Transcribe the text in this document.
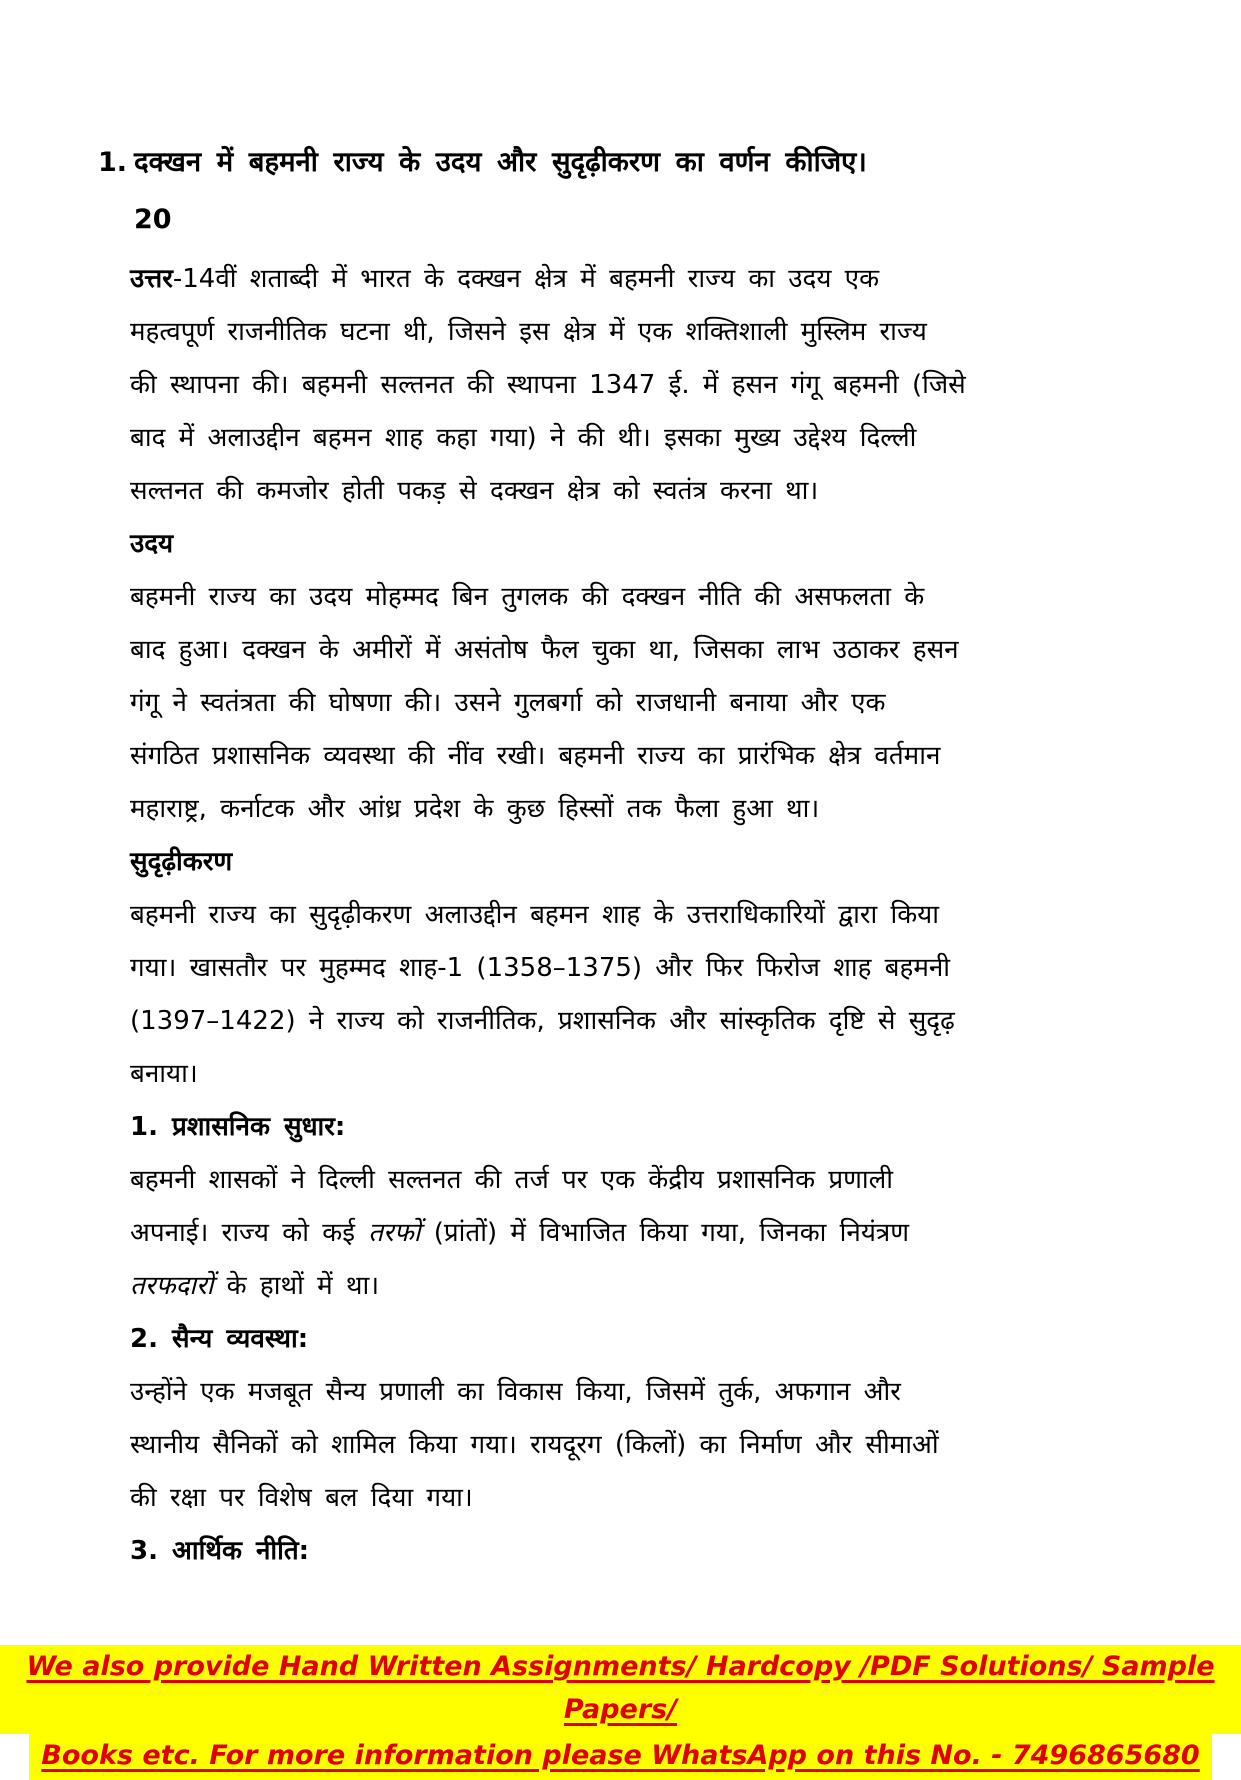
1. दक्खन में बहमनी राज्य के उदय और सुदृढ़ीकरण का वर्णन कीजिए।
20
उत्तर-14वीं शताब्दी में भारत के दक्खन क्षेत्र में बहमनी राज्य का उदय एक
महत्वपूर्ण राजनीतिक घटना थी, जिसने इस क्षेत्र में एक शक्तिशाली मुस्लिम राज्य
की स्थापना की। बहमनी सल्तनत की स्थापना 1347 ई. में हसन गंगू बहमनी (जिसे
बाद में अलाउद्दीन बहमन शाह कहा गया) ने की थी। इसका मुख्य उद्देश्य दिल्ली
सल्तनत की कमजोर होती पकड़ से दक्खन क्षेत्र को स्वतंत्र करना था।
उदय
बहमनी राज्य का उदय मोहम्मद बिन तुगलक की दक्खन नीति की असफलता के
बाद हुआ। दक्खन के अमीरों में असंतोष फैल चुका था, जिसका लाभ उठाकर हसन
गंगू ने स्वतंत्रता की घोषणा की। उसने गुलबर्गा को राजधानी बनाया और एक
संगठित प्रशासनिक व्यवस्था की नींव रखी। बहमनी राज्य का प्रारंभिक क्षेत्र वर्तमान
महाराष्ट्र, कर्नाटक और आंध्र प्रदेश के कुछ हिस्सों तक फैला हुआ था।
सुदृढ़ीकरण
बहमनी राज्य का सुदृढ़ीकरण अलाउद्दीन बहमन शाह के उत्तराधिकारियों द्वारा किया
गया। खासतौर पर मुहम्मद शाह-1 (1358–1375) और फिर फिरोज शाह बहमनी
(1397–1422) ने राज्य को राजनीतिक, प्रशासनिक और सांस्कृतिक दृष्टि से सुदृढ़
बनाया।
1. प्रशासनिक सुधार:
बहमनी शासकों ने दिल्ली सल्तनत की तर्ज पर एक केंद्रीय प्रशासनिक प्रणाली
अपनाई। राज्य को कई तरफों (प्रांतों) में विभाजित किया गया, जिनका नियंत्रण
तरफदारों के हाथों में था।
2. सैन्य व्यवस्था:
उन्होंने एक मजबूत सैन्य प्रणाली का विकास किया, जिसमें तुर्क, अफगान और
स्थानीय सैनिकों को शामिल किया गया। रायदूरग (किलों) का निर्माण और सीमाओं
की रक्षा पर विशेष बल दिया गया।
3. आर्थिक नीति:
We also provide Hand Written Assignments/ Hardcopy /PDF Solutions/ Sample Papers/
Books etc. For more information please WhatsApp on this No. - 7496865680
